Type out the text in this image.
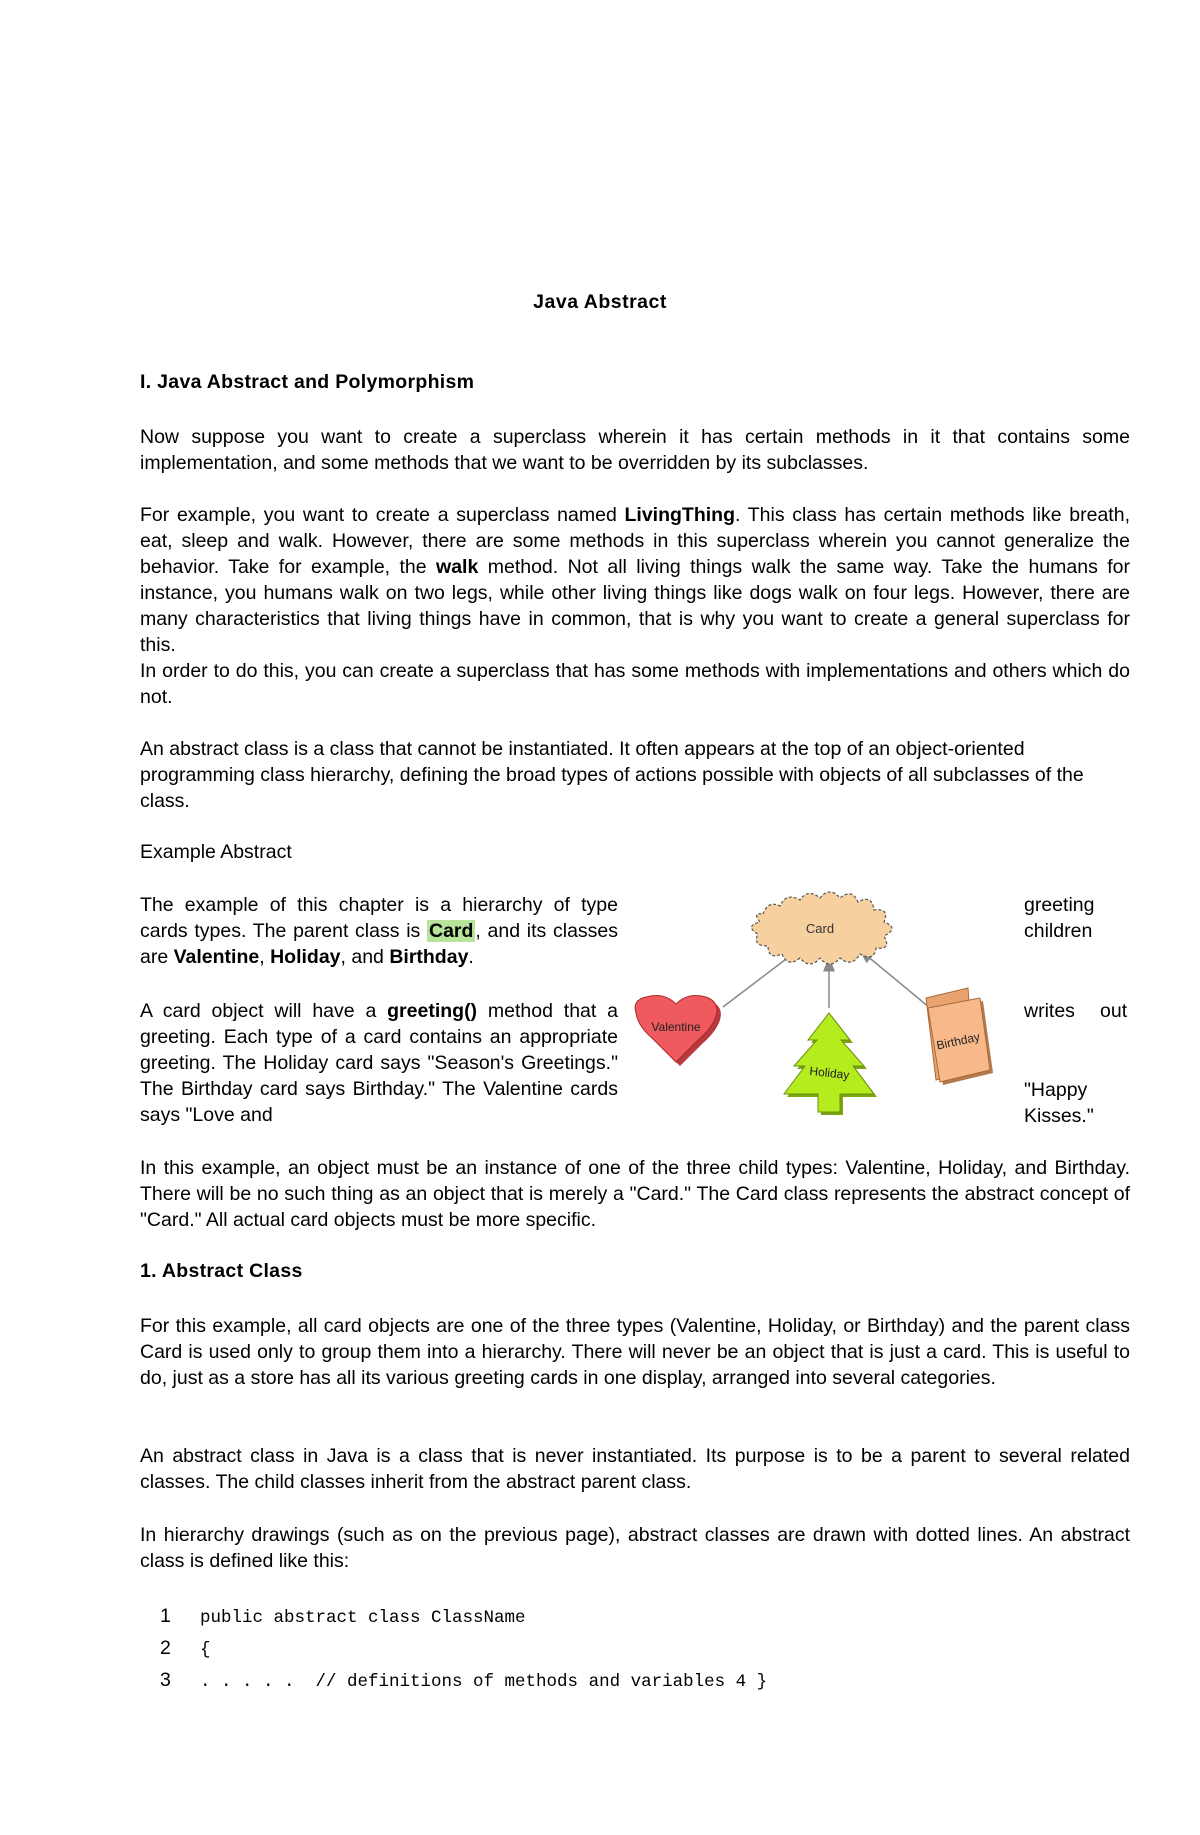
Java Abstract
I. Java Abstract and Polymorphism

Now suppose you want to create a superclass wherein it has certain methods in it that contains some implementation, and some methods that we want to be overridden by its subclasses.

For example, you want to create a superclass named LivingThing. This class has certain methods like breath, eat, sleep and walk. However, there are some methods in this superclass wherein you cannot generalize the behavior. Take for example, the walk method. Not all living things walk the same way. Take the humans for instance, you humans walk on two legs, while other living things like dogs walk on four legs. However, there are many characteristics that living things have in common, that is why you want to create a general superclass for this.

In order to do this, you can create a superclass that has some methods with implementations and others which do not.

An abstract class is a class that cannot be instantiated. It often appears at the top of an object-oriented programming class hierarchy, defining the broad types of actions possible with objects of all subclasses of the class.

Example Abstract

The example of this chapter is a hierarchy of type cards types. The parent class is Card , and its classes are Valentine, Holiday, and Birthday.

A card object will have a greeting() method that a greeting. Each type of a card contains an appropriate greeting. The Holiday card says "Season's Greetings." The Birthday card says Birthday." The Valentine cards says "Love and

greeting
children
writes out
"Happy
Kisses."
Card
Valentine
Holiday
Birthday

In this example, an object must be an instance of one of the three child types: Valentine, Holiday, and Birthday. There will be no such thing as an object that is merely a "Card." The Card class represents the abstract concept of "Card." All actual card objects must be more specific.

1. Abstract Class

For this example, all card objects are one of the three types (Valentine, Holiday, or Birthday) and the parent class Card is used only to group them into a hierarchy. There will never be an object that is just a card. This is useful to do, just as a store has all its various greeting cards in one display, arranged into several categories.

An abstract class in Java is a class that is never instantiated. Its purpose is to be a parent to several related classes. The child classes inherit from the abstract parent class.

In hierarchy drawings (such as on the previous page), abstract classes are drawn with dotted lines. An abstract class is defined like this:

1 public abstract class ClassName
2 {
3 . . . . .  // definitions of methods and variables 4 }
